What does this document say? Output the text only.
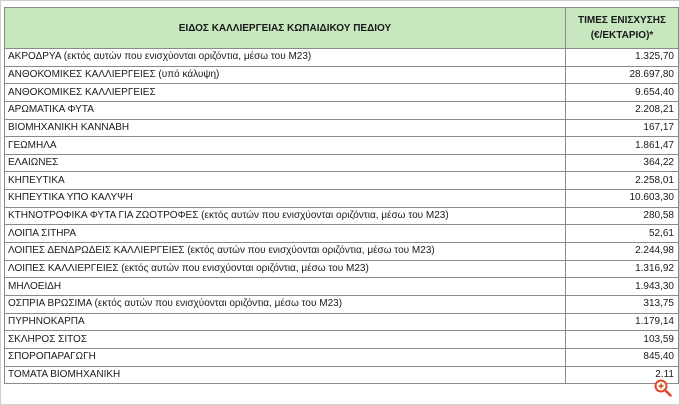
ΕΙΔΟΣ ΚΑΛΛΙΕΡΓΕΙΑΣ ΚΩΠΑΙΔΙΚΟΥ ΠΕΔΙΟΥ	ΤΙΜΕΣ ΕΝΙΣΧΥΣΗΣ
(€/ΕΚΤΑΡΙΟ)*
ΑΚΡΟΔΡΥΑ (εκτός αυτών που ενισχύονται οριζόντια, μέσω του Μ23)	1.325,70
ΑΝΘΟΚΟΜΙΚΕΣ ΚΑΛΛΙΕΡΓΕΙΕΣ (υπό κάλυψη)	28.697,80
ΑΝΘΟΚΟΜΙΚΕΣ ΚΑΛΛΙΕΡΓΕΙΕΣ	9.654,40
ΑΡΩΜΑΤΙΚΑ ΦΥΤΑ	2.208,21
ΒΙΟΜΗΧΑΝΙΚΗ ΚΑΝΝΑΒΗ	167,17
ΓΕΩΜΗΛΑ	1.861,47
ΕΛΑΙΩΝΕΣ	364,22
ΚΗΠΕΥΤΙΚΑ	2.258,01
ΚΗΠΕΥΤΙΚΑ ΥΠΟ ΚΑΛΥΨΗ	10.603,30
ΚΤΗΝΟΤΡΟΦΙΚΑ ΦΥΤΑ ΓΙΑ ΖΩΟΤΡΟΦΕΣ (εκτός αυτών που ενισχύονται οριζόντια, μέσω του Μ23)	280,58
ΛΟΙΠΑ ΣΙΤΗΡΑ	52,61
ΛΟΙΠΕΣ ΔΕΝΔΡΩΔΕΙΣ ΚΑΛΛΙΕΡΓΕΙΕΣ (εκτός αυτών που ενισχύονται οριζόντια, μέσω του Μ23)	2.244,98
ΛΟΙΠΕΣ ΚΑΛΛΙΕΡΓΕΙΕΣ (εκτός αυτών που ενισχύονται οριζόντια, μέσω του Μ23)	1.316,92
ΜΗΛΟΕΙΔΗ	1.943,30
ΟΣΠΡΙΑ ΒΡΩΣΙΜΑ (εκτός αυτών που ενισχύονται οριζόντια, μέσω του Μ23)	313,75
ΠΥΡΗΝΟΚΑΡΠΑ	1.179,14
ΣΚΛΗΡΟΣ ΣΙΤΟΣ	103,59
ΣΠΟΡΟΠΑΡΑΓΩΓΗ	845,40
ΤΟΜΑΤΑ ΒΙΟΜΗΧΑΝΙΚΗ	2.11
